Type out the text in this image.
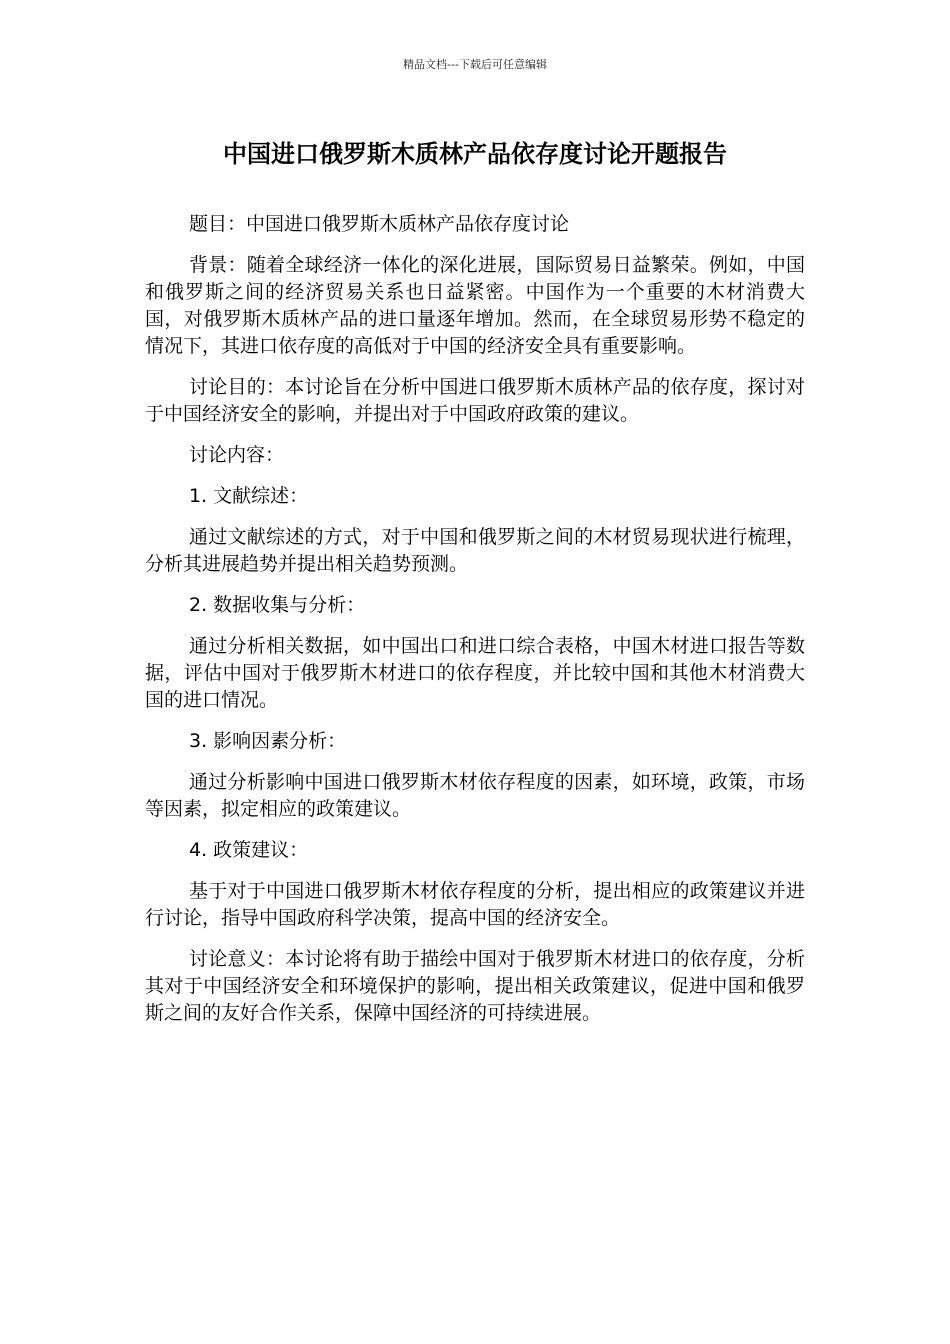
精品文档---下载后可任意编辑
中国进口俄罗斯木质林产品依存度讨论开题报告

题目：中国进口俄罗斯木质林产品依存度讨论

背景：随着全球经济一体化的深化进展，国际贸易日益繁荣。例如，中国和俄罗斯之间的经济贸易关系也日益紧密。中国作为一个重要的木材消费大国，对俄罗斯木质林产品的进口量逐年增加。然而，在全球贸易形势不稳定的情况下，其进口依存度的高低对于中国的经济安全具有重要影响。

讨论目的：本讨论旨在分析中国进口俄罗斯木质林产品的依存度，探讨对于中国经济安全的影响，并提出对于中国政府政策的建议。

讨论内容：

1. 文献综述：

通过文献综述的方式，对于中国和俄罗斯之间的木材贸易现状进行梳理，分析其进展趋势并提出相关趋势预测。

2. 数据收集与分析：

通过分析相关数据，如中国出口和进口综合表格，中国木材进口报告等数据，评估中国对于俄罗斯木材进口的依存程度，并比较中国和其他木材消费大国的进口情况。

3. 影响因素分析：

通过分析影响中国进口俄罗斯木材依存程度的因素，如环境，政策，市场等因素，拟定相应的政策建议。

4. 政策建议：

基于对于中国进口俄罗斯木材依存程度的分析，提出相应的政策建议并进行讨论，指导中国政府科学决策，提高中国的经济安全。

讨论意义：本讨论将有助于描绘中国对于俄罗斯木材进口的依存度，分析其对于中国经济安全和环境保护的影响，提出相关政策建议，促进中国和俄罗斯之间的友好合作关系，保障中国经济的可持续进展。
